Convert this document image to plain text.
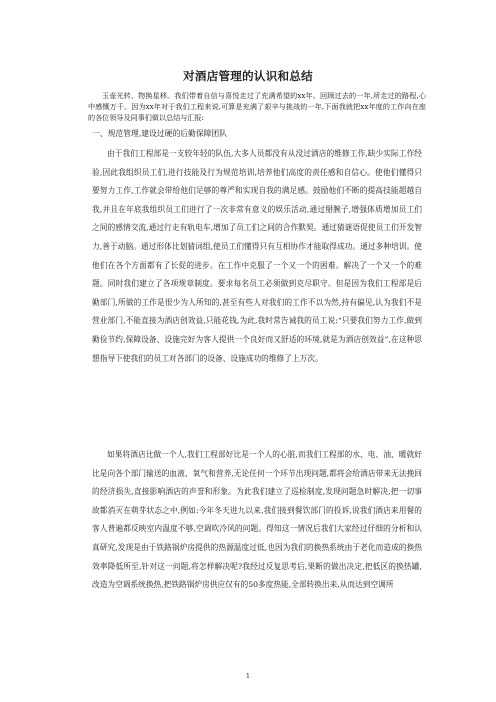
对酒店管理的认识和总结
玉壶光转、物换星移。我们带着自信与喜悦走过了充满希望的xx年。回顾过去的一年,所走过的路程,心中感慨万千。因为xx年对于我们工程来说,可算是充满了艰辛与挑战的一年,下面我就把xx年度的工作向在座的各位领导及同事们做以总结与汇报:
一、规范管理,建设过硬的后勤保障团队
由于我们工程部是一支较年轻的队伍,大多人员都没有从没过酒店的维修工作,缺少实际工作经验,因此我组织员工们,进行技能及行为规范培训,培养他们高度的责任感和自信心。使他们懂得只要努力工作,工作就会带给他们足够的尊严和实现自我的满足感。鼓励他们不断的提高技能超越自我,并且在年底我组织员工们进行了一次非常有意义的娱乐活动,通过掰腕子,增强体质增加员工们之间的感情交流,通过行走有轨电车,增加了员工们之间的合作默契。通过猜谜语促使员工们开发智力,善于动脑。通过形体比划猜词组,使员工们懂得只有互相协作才能取得成功。通过多种培训。使他们在各个方面都有了长促的进步。在工作中克服了一个又一个的困难。解决了一个又一个的难题。同时我们建立了各项规章制度。要求每名员工必须做到克尽职守。但是因为我们工程部是后勤部门,所做的工作是很少为人所知的,甚至有些人对我们的工作不以为然,持有偏见,认为我们不是营业部门,不能直接为酒店创效益,只能花钱,为此,我时常告诫我的员工说:“只要我们努力工作,做到勤俭节约,保障设备、设施完好为客人提供一个良好而又舒适的环境,就是为酒店创效益”,在这种思想指导下使我们的员工对各部门的设备、设施成功的维修了上万次。
如果将酒店比做一个人,我们工程部好比是一个人的心脏,而我们工程部的水、电、油、暖就好比是向各个部门输送的血液、氧气和营养,无论任何一个环节出现问题,都将会给酒店带来无法挽回的经济损失,直接影响酒店的声誉和形象。为此我们建立了巡检制度,发现问题急时解决,把一切事故都消灭在萌芽状态之中,例如:今年冬天进九以来,我们接到餐饮部门的投诉,说我们酒店来用餐的客人普遍都反映室内温度不够,空调吹冷风的问题。得知这一情况后我们大家经过仔细的分析和认真研究,发现是由于铁路锅炉房提供的热源温度过低,也因为我们的换热系统由于老化而造成的换热效率降低所至,针对这一问题,将怎样解决呢?我经过反复思考后,果断的做出决定,把低区的换热罐,改造为空调系统换热,把铁路锅炉房供应仅有的50多度热能,全部转换出来,从而达到空调所
1
